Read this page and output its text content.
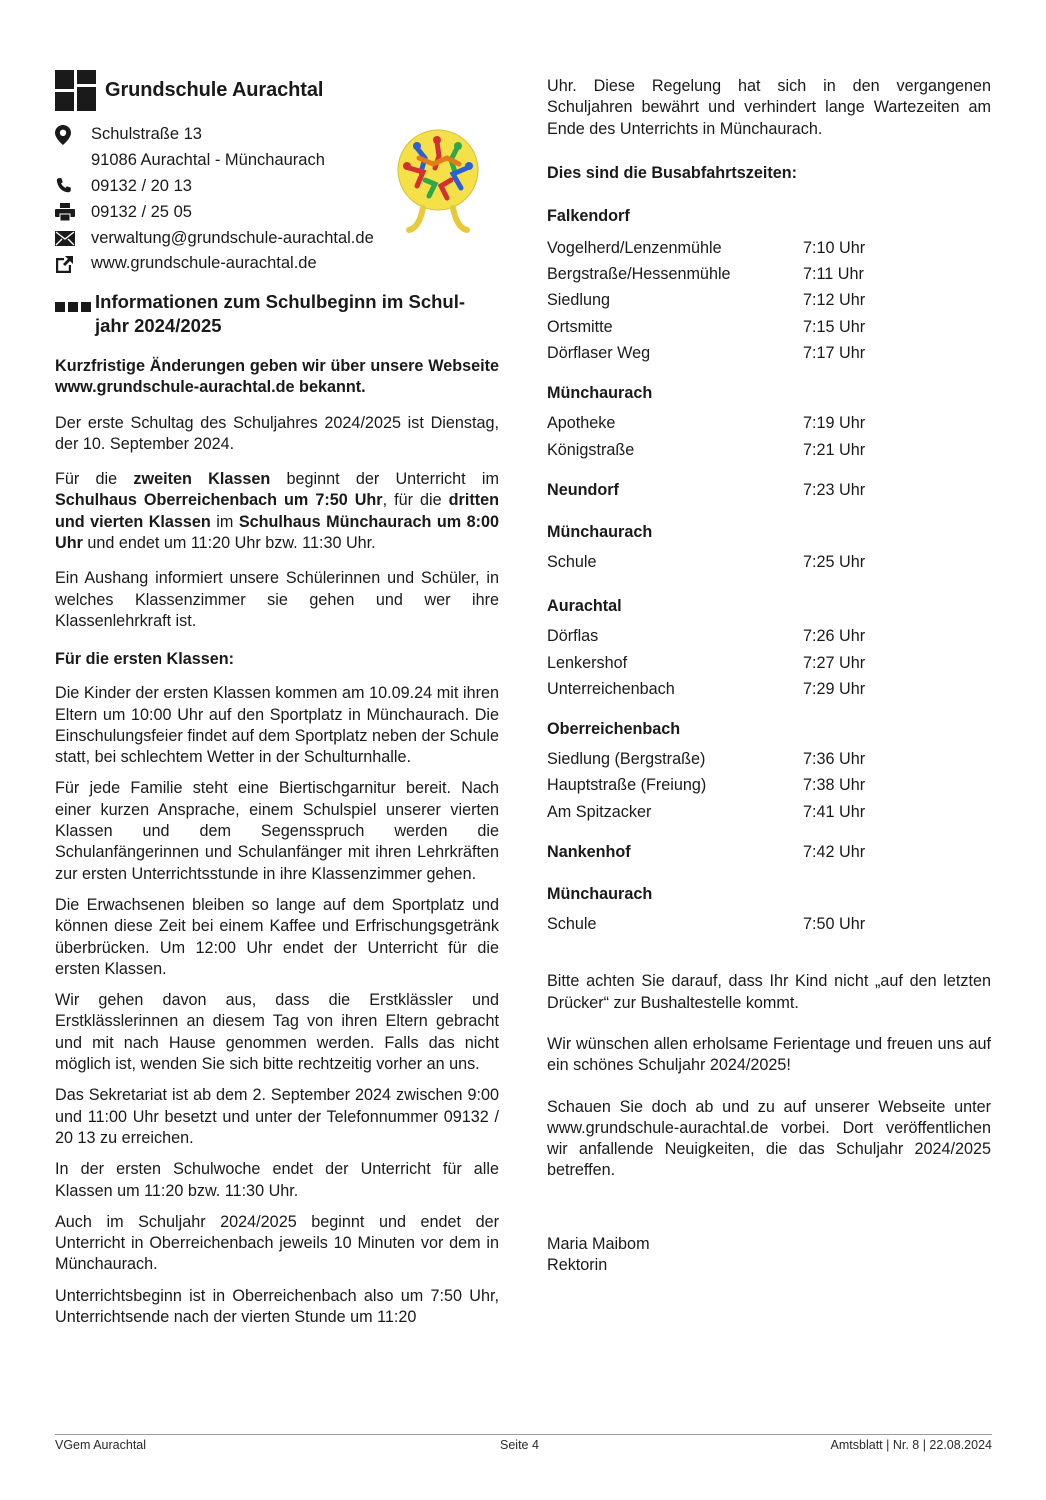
Grundschule Aurachtal
Schulstraße 13
91086 Aurachtal - Münchaurach
09132 / 20 13
09132 / 25 05
verwaltung@grundschule-aurachtal.de
www.grundschule-aurachtal.de
Informationen zum Schulbeginn im Schul-
jahr 2024/2025

Kurzfristige Änderungen geben wir über unsere Webseite www.grundschule-aurachtal.de bekannt.

Der erste Schultag des Schuljahres 2024/2025 ist Dienstag, der 10. September 2024.

Für die zweiten Klassen beginnt der Unterricht im Schulhaus Oberreichenbach um 7:50 Uhr, für die dritten und vierten Klassen im Schulhaus Münchaurach um 8:00 Uhr und endet um 11:20 Uhr bzw. 11:30 Uhr.

Ein Aushang informiert unsere Schülerinnen und Schüler, in welches Klassenzimmer sie gehen und wer ihre Klassenlehrkraft ist.

Für die ersten Klassen:

Die Kinder der ersten Klassen kommen am 10.09.24 mit ihren Eltern um 10:00 Uhr auf den Sportplatz in Münchaurach. Die Einschulungsfeier findet auf dem Sportplatz neben der Schule statt, bei schlechtem Wetter in der Schulturnhalle.

Für jede Familie steht eine Biertischgarnitur bereit. Nach einer kurzen Ansprache, einem Schulspiel unserer vierten Klassen und dem Segensspruch werden die Schulanfängerinnen und Schulanfänger mit ihren Lehrkräften zur ersten Unterrichtsstunde in ihre Klassenzimmer gehen.

Die Erwachsenen bleiben so lange auf dem Sportplatz und können diese Zeit bei einem Kaffee und Erfrischungsgetränk überbrücken. Um 12:00 Uhr endet der Unterricht für die ersten Klassen.

Wir gehen davon aus, dass die Erstklässler und Erstklässlerinnen an diesem Tag von ihren Eltern gebracht und mit nach Hause genommen werden. Falls das nicht möglich ist, wenden Sie sich bitte rechtzeitig vorher an uns.

Das Sekretariat ist ab dem 2. September 2024 zwischen 9:00 und 11:00 Uhr besetzt und unter der Telefonnummer 09132 / 20 13 zu erreichen.

In der ersten Schulwoche endet der Unterricht für alle Klassen um 11:20 bzw. 11:30 Uhr.

Auch im Schuljahr 2024/2025 beginnt und endet der Unterricht in Oberreichenbach jeweils 10 Minuten vor dem in Münchaurach.

Unterrichtsbeginn ist in Oberreichenbach also um 7:50 Uhr, Unterrichtsende nach der vierten Stunde um 11:20

Uhr. Diese Regelung hat sich in den vergangenen Schuljahren bewährt und verhindert lange Wartezeiten am Ende des Unterrichts in Münchaurach.

Dies sind die Busabfahrtszeiten:
Falkendorf
Vogelherd/Lenzenmühle	7:10 Uhr
Bergstraße/Hessenmühle	7:11 Uhr
Siedlung	7:12 Uhr
Ortsmitte	7:15 Uhr
Dörflaser Weg	7:17 Uhr
Münchaurach
Apotheke	7:19 Uhr
Königstraße	7:21 Uhr
Neundorf	7:23 Uhr
Münchaurach
Schule	7:25 Uhr
Aurachtal
Dörflas	7:26 Uhr
Lenkershof	7:27 Uhr
Unterreichenbach	7:29 Uhr
Oberreichenbach
Siedlung (Bergstraße)	7:36 Uhr
Hauptstraße (Freiung)	7:38 Uhr
Am Spitzacker	7:41 Uhr
Nankenhof	7:42 Uhr
Münchaurach
Schule	7:50 Uhr

Bitte achten Sie darauf, dass Ihr Kind nicht „auf den letzten Drücker“ zur Bushaltestelle kommt.

Wir wünschen allen erholsame Ferientage und freuen uns auf ein schönes Schuljahr 2024/2025!

Schauen Sie doch ab und zu auf unserer Webseite unter www.grundschule-aurachtal.de vorbei. Dort veröffentlichen wir anfallende Neuigkeiten, die das Schuljahr 2024/2025 betreffen.

Maria Maibom

Rektorin

VGem Aurachtal	Seite 4	Amtsblatt | Nr. 8 | 22.08.2024
